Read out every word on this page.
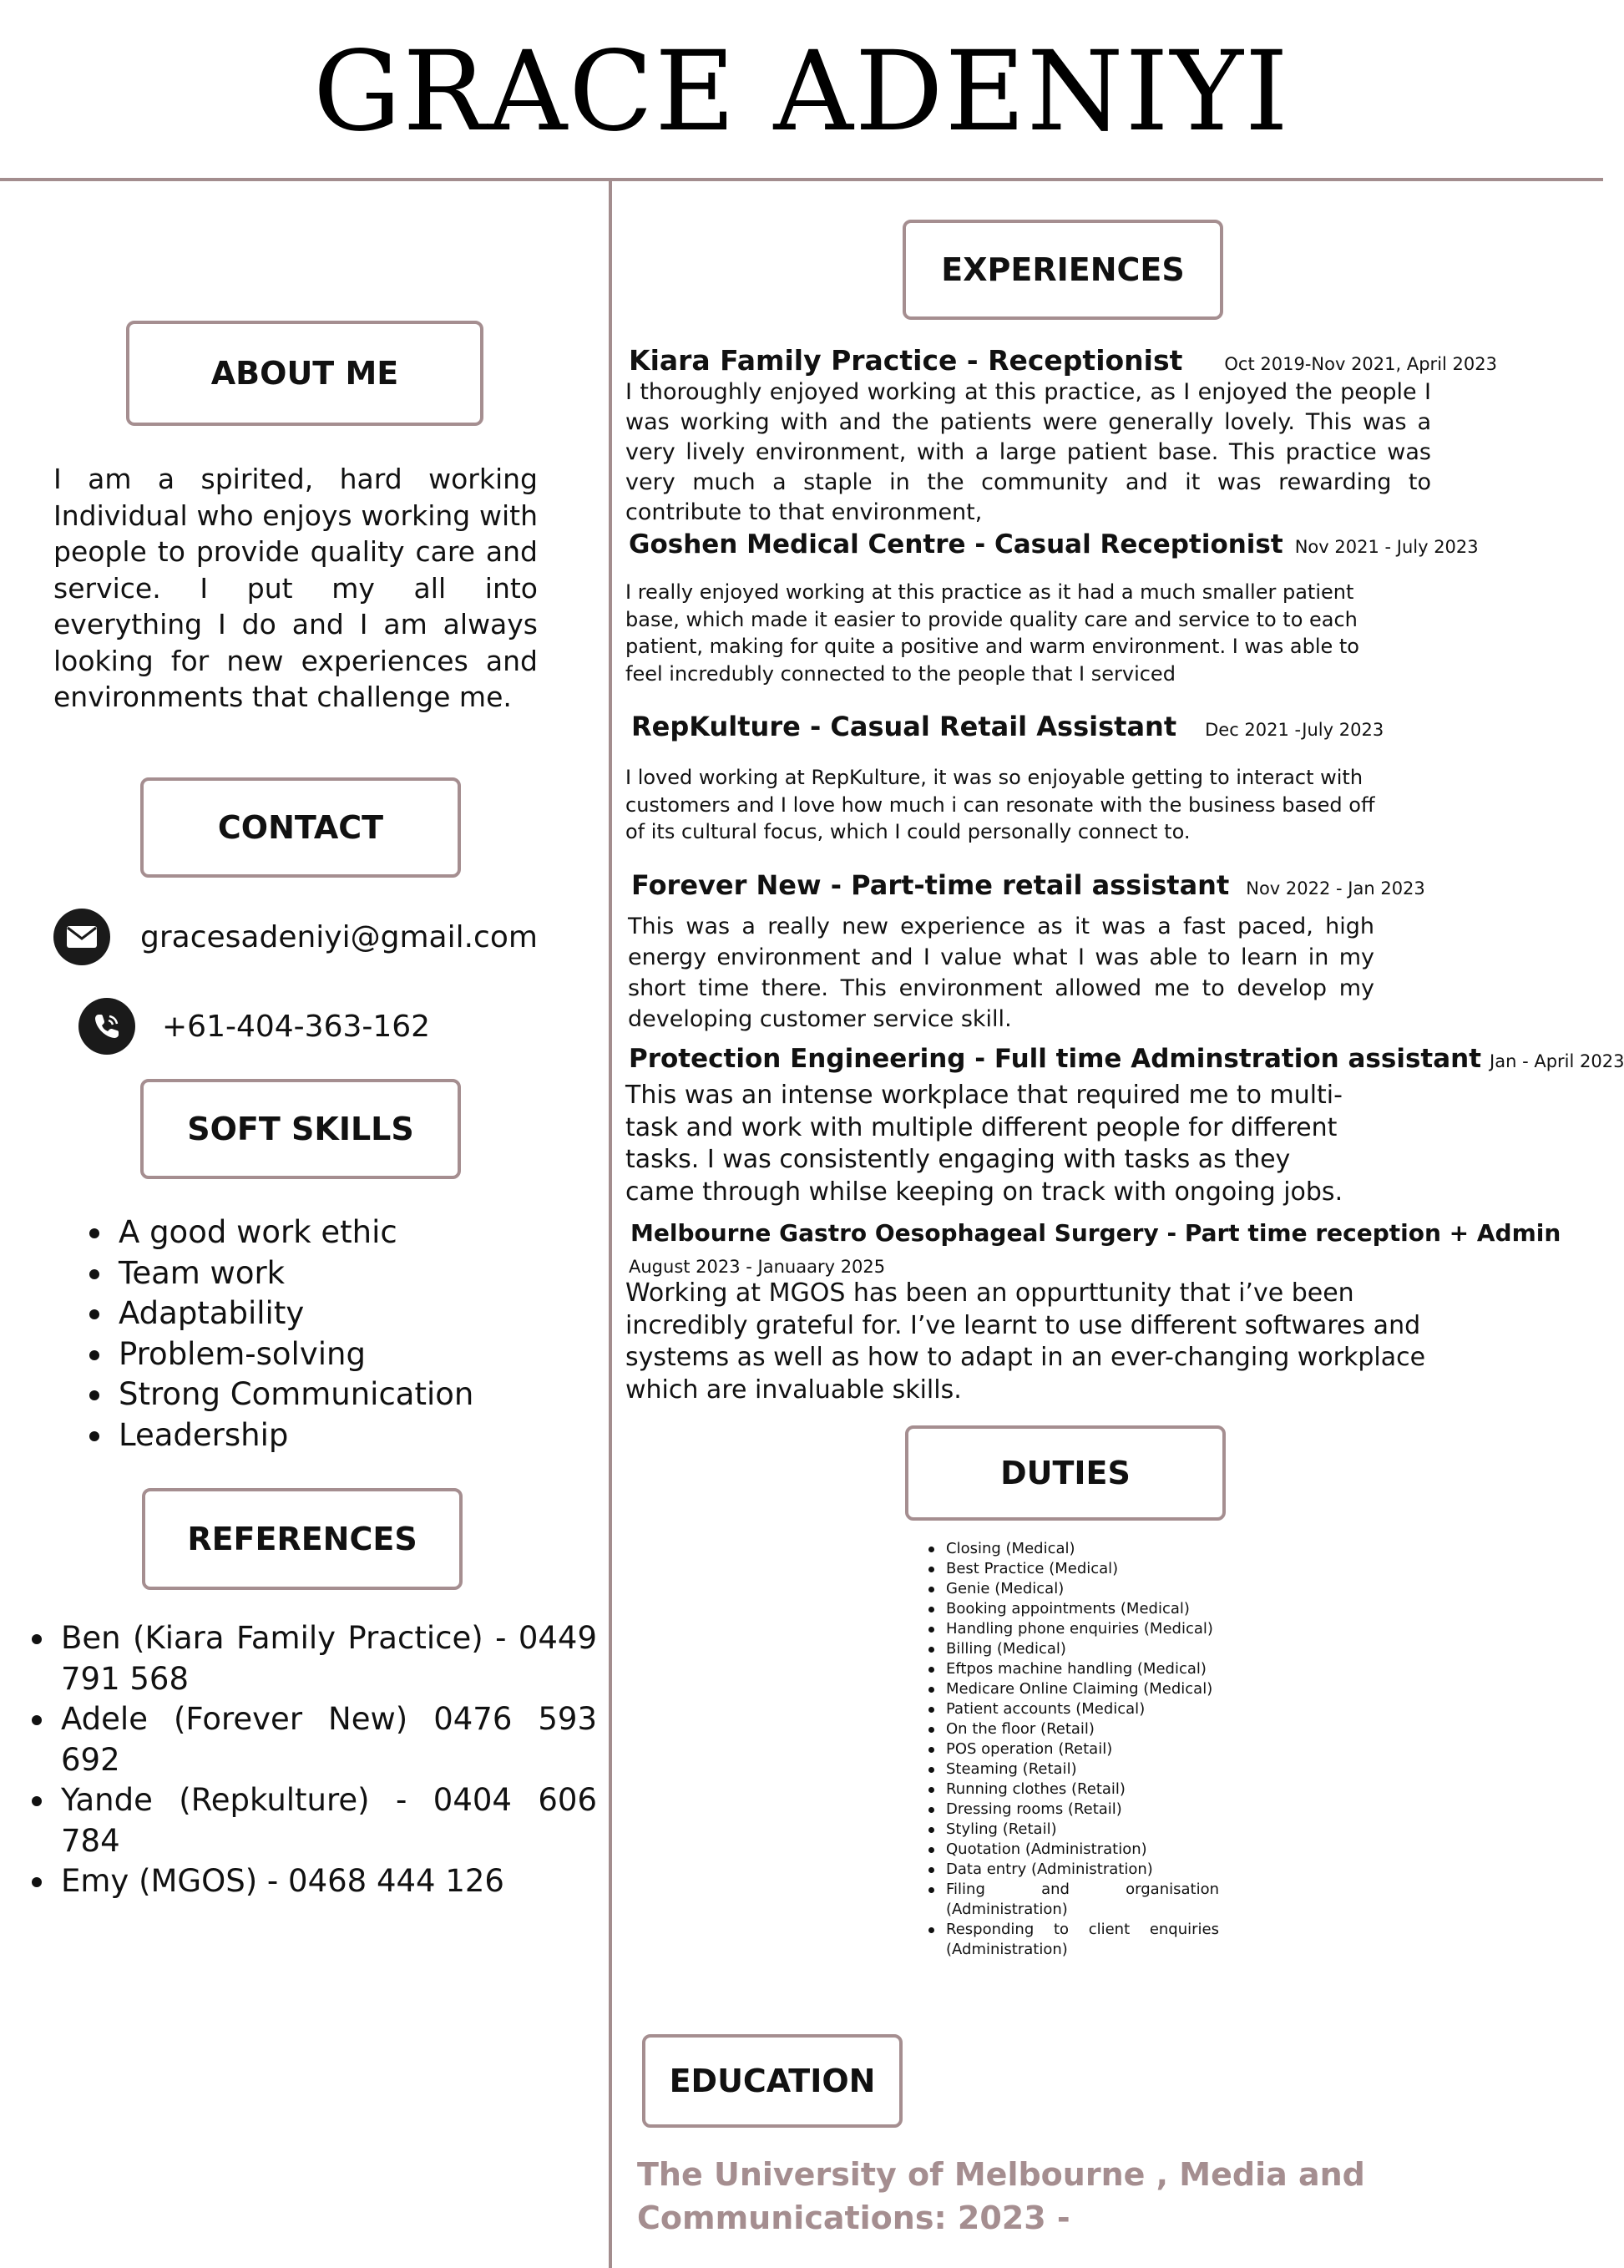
GRACE ADENIYI
ABOUT ME

I am a spirited, hard working Individual who enjoys working with people to provide quality care and service. I put my all into everything I do and I am always looking for new experiences and environments that challenge me.

CONTACT
gracesadeniyi@gmail.com
+61-404-363-162
SOFT SKILLS
A good work ethic
Team work
Adaptability
Problem-solving
Strong Communication
Leadership
REFERENCES
Ben (Kiara Family Practice) - 0449 791 568
Adele (Forever New) 0476 593 692
Yande (Repkulture) - 0404 606 784
Emy (MGOS) - 0468 444 126
EXPERIENCES
Kiara Family Practice - Receptionist Oct 2019-Nov 2021, April 2023

I thoroughly enjoyed working at this practice, as I enjoyed the people I was working with and the patients were generally lovely. This was a very lively environment, with a large patient base. This practice was very much a staple in the community and it was rewarding to contribute to that environment,

Goshen Medical Centre - Casual Receptionist Nov 2021 - July 2023

I really enjoyed working at this practice as it had a much smaller patient base, which made it easier to provide quality care and service to to each patient, making for quite a positive and warm environment. I was able to feel incredubly connected to the people that I serviced

RepKulture - Casual Retail Assistant Dec 2021 -July 2023

I loved working at RepKulture, it was so enjoyable getting to interact with customers and I love how much i can resonate with the business based off of its cultural focus, which I could personally connect to.

Forever New - Part-time retail assistant Nov 2022 - Jan 2023

This was a really new experience as it was a fast paced, high energy environment and I value what I was able to learn in my short time there. This environment allowed me to develop my developing customer service skill.

Protection Engineering - Full time Adminstration assistant Jan - April 2023

This was an intense workplace that required me to multi-task and work with multiple different people for different tasks. I was consistently engaging with tasks as they came through whilse keeping on track with ongoing jobs.

Melbourne Gastro Oesophageal Surgery - Part time reception + Admin
August 2023 - Januaary 2025

Working at MGOS has been an oppurttunity that i’ve been incredibly grateful for. I’ve learnt to use different softwares and systems as well as how to adapt in an ever-changing workplace which are invaluable skills.

DUTIES
Closing (Medical)
Best Practice (Medical)
Genie (Medical)
Booking appointments (Medical)
Handling phone enquiries (Medical)
Billing (Medical)
Eftpos machine handling (Medical)
Medicare Online Claiming (Medical)
Patient accounts (Medical)
On the floor (Retail)
POS operation (Retail)
Steaming (Retail)
Running clothes (Retail)
Dressing rooms (Retail)
Styling (Retail)
Quotation (Administration)
Data entry (Administration)
Filing and organisation (Administration)
Responding to client enquiries (Administration)
EDUCATION

The University of Melbourne , Media and
Communications: 2023 -
